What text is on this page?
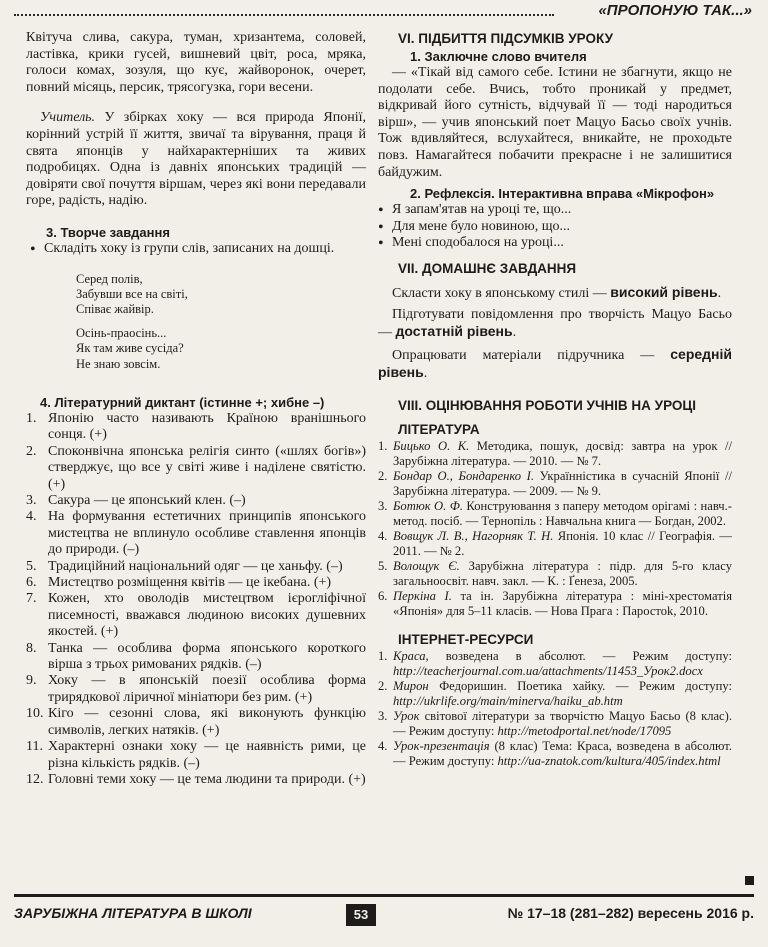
«ПРОПОНУЮ ТАК...»

Квітуча слива, сакура, туман, хризантема, соловей, ластівка, крики гусей, вишневий цвіт, роса, мряка, голоси комах, зозуля, що кує, жайворонок, очерет, повний місяць, персик, трясогузка, гори весени.

Учитель. У збірках хоку — вся природа Японії, корінний устрій її життя, звичаї та вірування, праця й свята японців у найхарактерніших та живих подробицях. Одна із давніх японських традицій — довіряти свої почуття віршам, через які вони передавали горе, радість, надію.

3. Творче завдання
• Складіть хоку із групи слів, записаних на дошці.

Серед полів,

Забувши все на світі,

Співає жайвір.

Осінь-праосінь...

Як там живе сусіда?

Не знаю зовсім.

4. Літературний диктант (істинне +; хибне –)
1. Японію часто називають Країною вранішнього сонця. (+)
2. Споконвічна японська релігія синто («шлях богів») стверджує, що все у світі живе і наділене святістю. (+)
3. Сакура — це японський клен. (–)
4. На формування естетичних принципів японського мистецтва не вплинуло особливе ставлення японців до природи. (–)
5. Традиційний національний одяг — це ханьфу. (–)
6. Мистецтво розміщення квітів — це ікебана. (+)
7. Кожен, хто оволодів мистецтвом ієрогліфічної писемності, вважався людиною високих душевних якостей. (+)
8. Танка — особлива форма японського короткого вірша з трьох римованих рядків. (–)
9. Хоку — в японській поезії особлива форма трирядкової ліричної мініатюри без рим. (+)
10. Кіго — сезонні слова, які виконують функцію символів, легких натяків. (+)
11. Характерні ознаки хоку — це наявність рими, це різна кількість рядків. (–)
12. Головні теми хоку — це тема людини та природи. (+)
VI. ПІДБИТТЯ ПІДСУМКІВ УРОКУ
1. Заключне слово вчителя

— «Тікай від самого себе. Істини не збагнути, якщо не подолати себе. Вчись, тобто проникай у предмет, відкривай його сутність, відчувай її — тоді народиться вірш», — учив японський поет Мацуо Басьо своїх учнів. Тож вдивляйтеся, вслухайтеся, вникайте, не проходьте повз. Намагайтеся побачити прекрасне і не залишитися байдужим.

2. Рефлексія. Інтерактивна вправа «Мікрофон»
• Я запам'ятав на уроці те, що...

• Для мене було новиною, що...

• Мені сподобалося на уроці...

VII. ДОМАШНЄ ЗАВДАННЯ

Скласти хоку в японському стилі — високий рівень.

Підготувати повідомлення про творчість Мацуо Басьо — достатній рівень.

Опрацювати матеріали підручника — середній рівень.

VIII. ОЦІНЮВАННЯ РОБОТИ УЧНІВ НА УРОЦІ
ЛІТЕРАТУРА
1. Бицько О. К. Методика, пошук, досвід: завтра на урок // Зарубіжна література. — 2010. — № 7.
2. Бондар О., Бондаренко І. Українністика в сучасній Японії // Зарубіжна література. — 2009. — № 9.
3. Ботюк О. Ф. Конструювання з паперу методом орігамі : навч.-метод. посіб. — Тернопіль : Навчальна книга — Богдан, 2002.
4. Вовщук Л. В., Нагорняк Т. Н. Японія. 10 клас // Географія. — 2011. — № 2.
5. Волощук Є. Зарубіжна література : підр. для 5-го класу загальноосвіт. навч. закл. — К. : Ґенеза, 2005.
6. Перкіна І. та ін. Зарубіжна література : міні-хрестоматія «Японія» для 5–11 класів. — Нова Прага : Паростоk, 2010.
ІНТЕРНЕТ-РЕСУРСИ
1. Краса, возведена в абсолют. — Режим доступу: http://teacherjournal.com.ua/attachments/11453_Урок2.docx
2. Мирон Федоришин. Поетика хайку. — Режим доступу: http://ukrlife.org/main/minerva/haiku_ab.htm
3. Урок світової літератури за творчістю Мацуо Басьо (8 клас). — Режим доступу: http://metodportal.net/node/17095
4. Урок-презентація (8 клас) Тема: Краса, возведена в абсолют. — Режим доступу: http://ua-znatok.com/kultura/405/index.html
ЗАРУБІЖНА ЛІТЕРАТУРА В ШКОЛІ	53	№ 17–18 (281–282) вересень 2016 р.
